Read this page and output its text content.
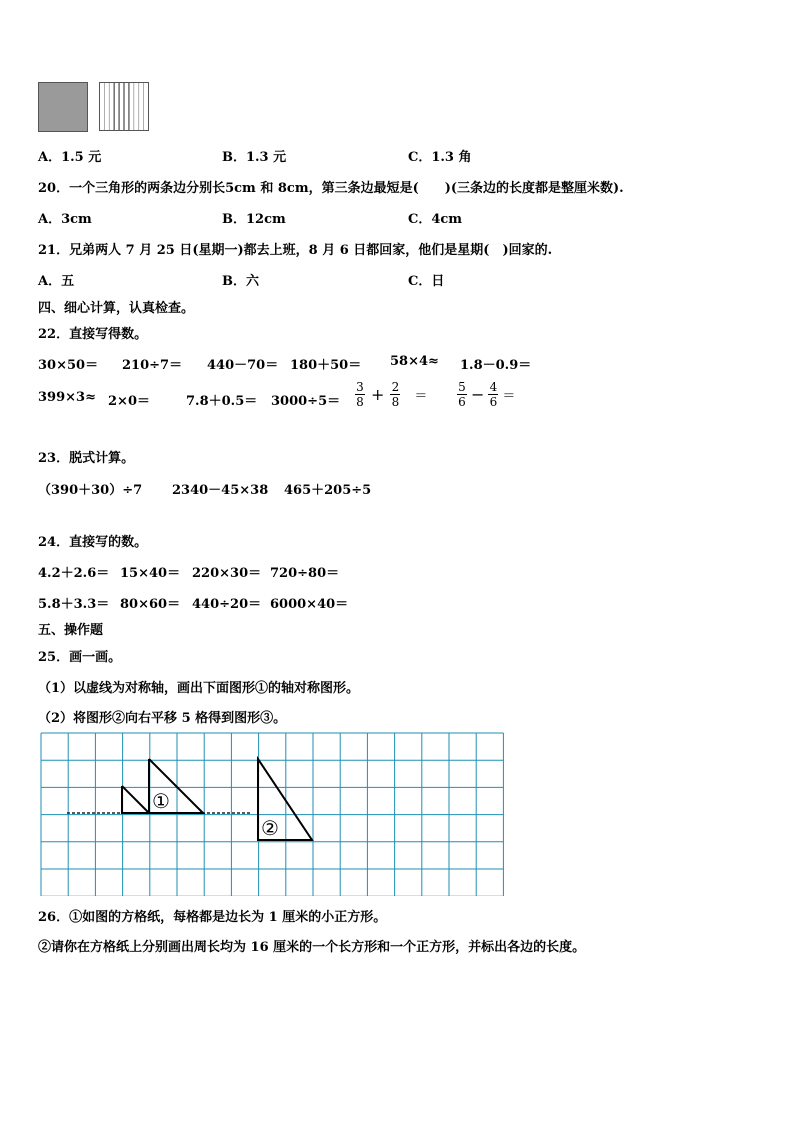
A．1.5 元	B．1.3 元	C．1.3 角
20．一个三角形的两条边分别长5cm 和 8cm，第三条边最短是(　　)(三条边的长度都是整厘米数).
A．3cm	B．12cm	C．4cm
21．兄弟两人 7 月 25 日(星期一)都去上班，8 月 6 日都回家，他们是星期(　)回家的.
A．五	B．六	C．日
四、细心计算，认真检查。
22．直接写得数。
30×50＝ 210÷7＝ 440－70＝ 180＋50＝ 58×4≈ 1.8－0.9＝
399×3≈ 2×0＝	$7.8+0.5= 3000\div 5= \frac{3}{8} + \frac{2}{8} = \frac{5}{6} - \frac{4}{6}$ ＝
23．脱式计算。
（390＋30）÷7 2340－45×38 465＋205÷5
24．直接写的数。
4.2＋2.6＝ 15×40＝ 220×30＝ 720÷80＝
5.8＋3.3＝ 80×60＝ 440÷20＝ 6000×40＝
五、操作题
25．画一画。
（1）以虚线为对称轴，画出下面图形①的轴对称图形。
（2）将图形②向右平移 5 格得到图形③。
①
②
26．①如图的方格纸，每格都是边长为 1 厘米的小正方形。
②请你在方格纸上分别画出周长均为 16 厘米的一个长方形和一个正方形，并标出各边的长度。
